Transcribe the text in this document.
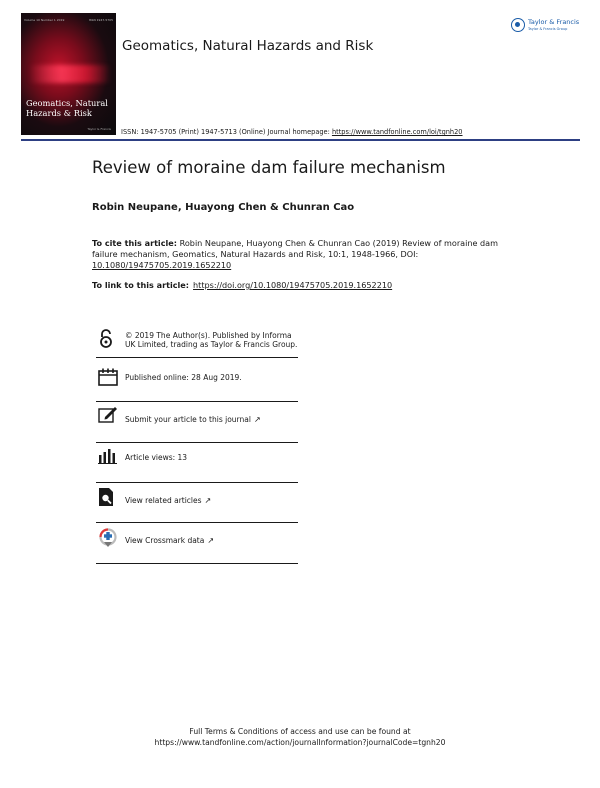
Volume 10 Number 1 2019	ISSN 1947-5705
Geomatics, Natural Hazards & Risk
Taylor & Francis
Geomatics, Natural Hazards and Risk
Taylor & Francis
Taylor & Francis Group
ISSN: 1947-5705 (Print) 1947-5713 (Online) Journal homepage: https://www.tandfonline.com/loi/tgnh20
Review of moraine dam failure mechanism
Robin Neupane, Huayong Chen & Chunran Cao
To cite this article: Robin Neupane, Huayong Chen & Chunran Cao (2019) Review of moraine dam failure mechanism, Geomatics, Natural Hazards and Risk, 10:1, 1948-1966, DOI: 10.1080/19475705.2019.1652210
To link to this article: https://doi.org/10.1080/19475705.2019.1652210
© 2019 The Author(s). Published by Informa UK Limited, trading as Taylor & Francis Group.
Published online: 28 Aug 2019.
Submit your article to this journal ↗
Article views: 13
View related articles ↗
View Crossmark data ↗
Full Terms & Conditions of access and use can be found at
https://www.tandfonline.com/action/journalInformation?journalCode=tgnh20
